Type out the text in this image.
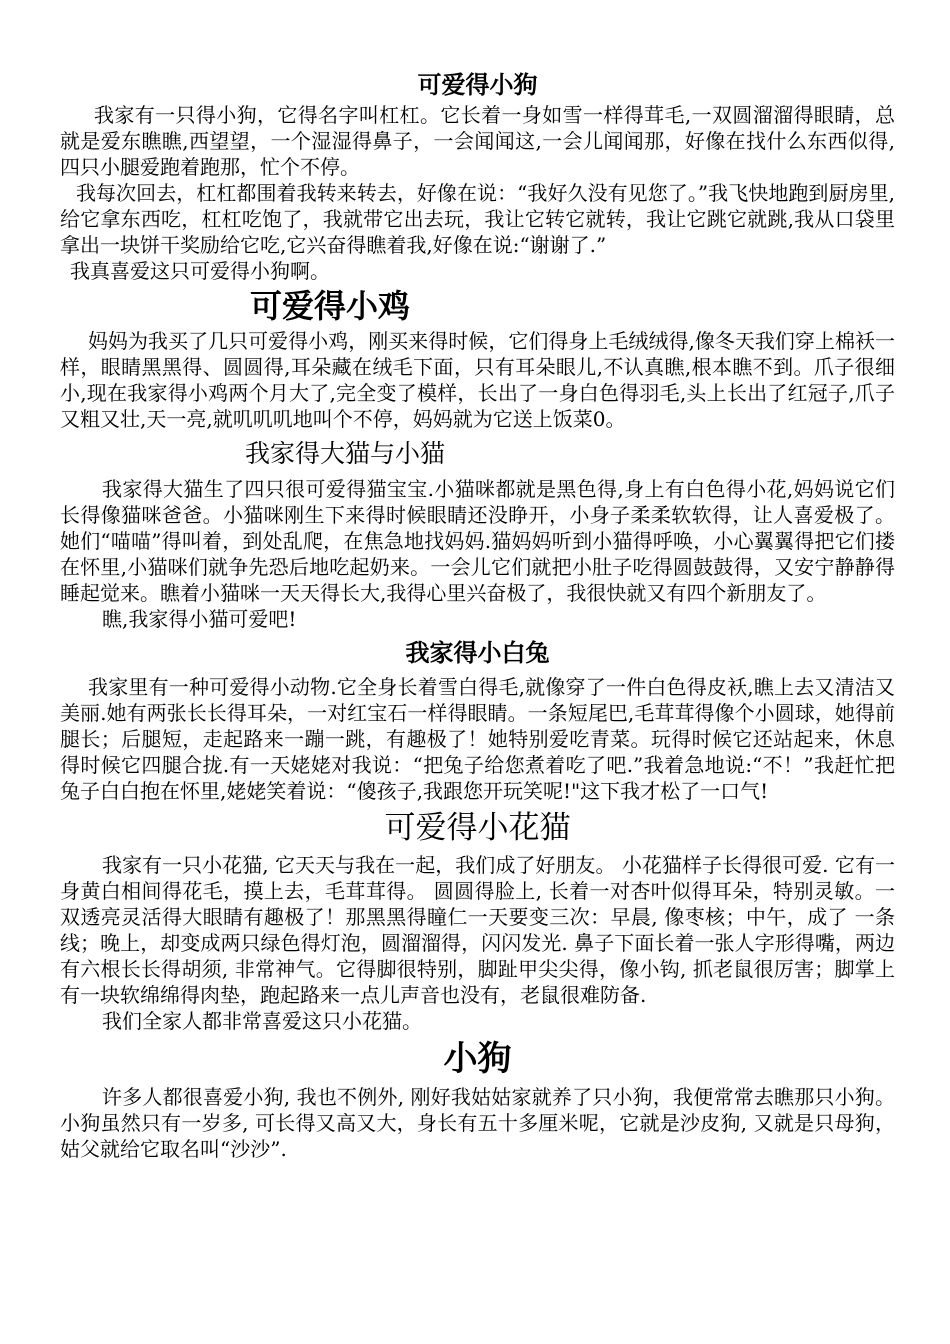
可爱得小狗

我家有一只得小狗，它得名字叫杠杠。它长着一身如雪一样得茸毛,一双圆溜溜得眼睛，总就是爱东瞧瞧,西望望，一个湿湿得鼻子，一会闻闻这,一会儿闻闻那，好像在找什么东西似得,四只小腿爱跑着跑那，忙个不停。

我每次回去，杠杠都围着我转来转去，好像在说：“我好久没有见您了。”我飞快地跑到厨房里,给它拿东西吃，杠杠吃饱了，我就带它出去玩，我让它转它就转，我让它跳它就跳,我从口袋里拿出一块饼干奖励给它吃,它兴奋得瞧着我,好像在说:“谢谢了.”

我真喜爱这只可爱得小狗啊。

可爱得小鸡

妈妈为我买了几只可爱得小鸡，刚买来得时候，它们得身上毛绒绒得,像冬天我们穿上棉袄一样，眼睛黑黑得、圆圆得,耳朵藏在绒毛下面，只有耳朵眼儿,不认真瞧,根本瞧不到。爪子很细小,现在我家得小鸡两个月大了,完全变了模样，长出了一身白色得羽毛,头上长出了红冠子,爪子又粗又壮,天一亮,就叽叽叽地叫个不停，妈妈就为它送上饭菜0。

我家得大猫与小猫

我家得大猫生了四只很可爱得猫宝宝.小猫咪都就是黑色得,身上有白色得小花,妈妈说它们长得像猫咪爸爸。小猫咪刚生下来得时候眼睛还没睁开，小身子柔柔软软得，让人喜爱极了。她们“喵喵”得叫着，到处乱爬，在焦急地找妈妈.猫妈妈听到小猫得呼唤，小心翼翼得把它们搂在怀里,小猫咪们就争先恐后地吃起奶来。一会儿它们就把小肚子吃得圆鼓鼓得，又安宁静静得睡起觉来。瞧着小猫咪一天天得长大,我得心里兴奋极了，我很快就又有四个新朋友了。

瞧,我家得小猫可爱吧!

我家得小白兔

我家里有一种可爱得小动物.它全身长着雪白得毛,就像穿了一件白色得皮袄,瞧上去又清洁又美丽.她有两张长长得耳朵，一对红宝石一样得眼睛。一条短尾巴,毛茸茸得像个小圆球，她得前腿长；后腿短，走起路来一蹦一跳，有趣极了！她特别爱吃青菜。玩得时候它还站起来，休息得时候它四腿合拢.有一天姥姥对我说：“把兔子给您煮着吃了吧.”我着急地说:“不！”我赶忙把兔子白白抱在怀里,姥姥笑着说：“傻孩子,我跟您开玩笑呢!"这下我才松了一口气!

可爱得小花猫

我家有一只小花猫, 它天天与我在一起，我们成了好朋友。 小花猫样子长得很可爱. 它有一身黄白相间得花毛，摸上去，毛茸茸得。 圆圆得脸上, 长着一对杏叶似得耳朵，特别灵敏。一双透亮灵活得大眼睛有趣极了！那黑黑得瞳仁一天要变三次：早晨, 像枣核；中午，成了 一条线；晚上，却变成两只绿色得灯泡，圆溜溜得，闪闪发光. 鼻子下面长着一张人字形得嘴，两边有六根长长得胡须, 非常神气。它得脚很特别，脚趾甲尖尖得，像小钩, 抓老鼠很厉害；脚掌上有一块软绵绵得肉垫，跑起路来一点儿声音也没有，老鼠很难防备.

我们全家人都非常喜爱这只小花猫。

小狗

许多人都很喜爱小狗, 我也不例外, 刚好我姑姑家就养了只小狗，我便常常去瞧那只小狗。小狗虽然只有一岁多, 可长得又高又大，身长有五十多厘米呢，它就是沙皮狗, 又就是只母狗，姑父就给它取名叫“沙沙”.
